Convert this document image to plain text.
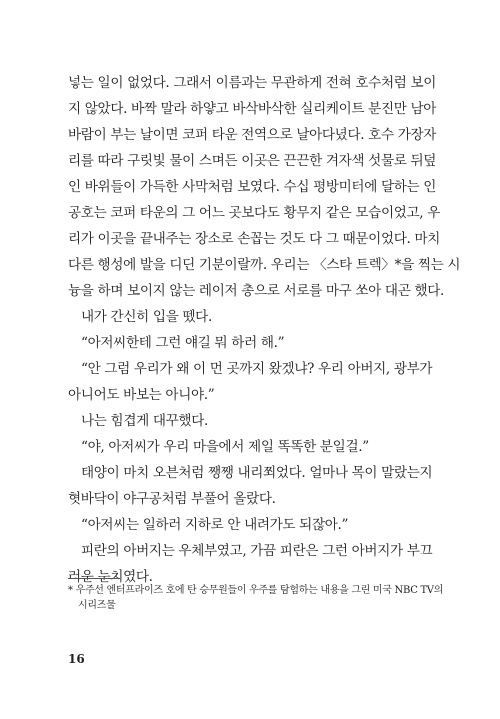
넣는 일이 없었다. 그래서 이름과는 무관하게 전혀 호수처럼 보이
지 않았다. 바짝 말라 하얗고 바삭바삭한 실리케이트 분진만 남아
바람이 부는 날이면 코퍼 타운 전역으로 날아다녔다. 호수 가장자
리를 따라 구릿빛 물이 스며든 이곳은 끈끈한 겨자색 섯물로 뒤덮
인 바위들이 가득한 사막처럼 보였다. 수십 평방미터에 달하는 인
공호는 코퍼 타운의 그 어느 곳보다도 황무지 같은 모습이었고, 우
리가 이곳을 끝내주는 장소로 손꼽는 것도 다 그 때문이었다. 마치
다른 행성에 발을 디딘 기분이랄까. 우리는 〈스타 트렉〉*을 찍는 시
늉을 하며 보이지 않는 레이저 총으로 서로를 마구 쏘아 대곤 했다.
내가 간신히 입을 뗐다.
“아저씨한테 그런 얘길 뭐 하러 해.”
“안 그럼 우리가 왜 이 먼 곳까지 왔겠냐? 우리 아버지, 광부가
아니어도 바보는 아니야.”
나는 힘겹게 대꾸했다.
“야, 아저씨가 우리 마을에서 제일 똑똑한 분일걸.”
태양이 마치 오븐처럼 쨍쨍 내리쬐었다. 얼마나 목이 말랐는지
혓바닥이 야구공처럼 부풀어 올랐다.
“아저씨는 일하러 지하로 안 내려가도 되잖아.”
피란의 아버지는 우체부였고, 가끔 피란은 그런 아버지가 부끄
러운 눈치였다.
* 우주선 엔터프라이즈 호에 탄 승무원들이 우주를 탐험하는 내용을 그린 미국 NBC TV의
시리즈물
16
